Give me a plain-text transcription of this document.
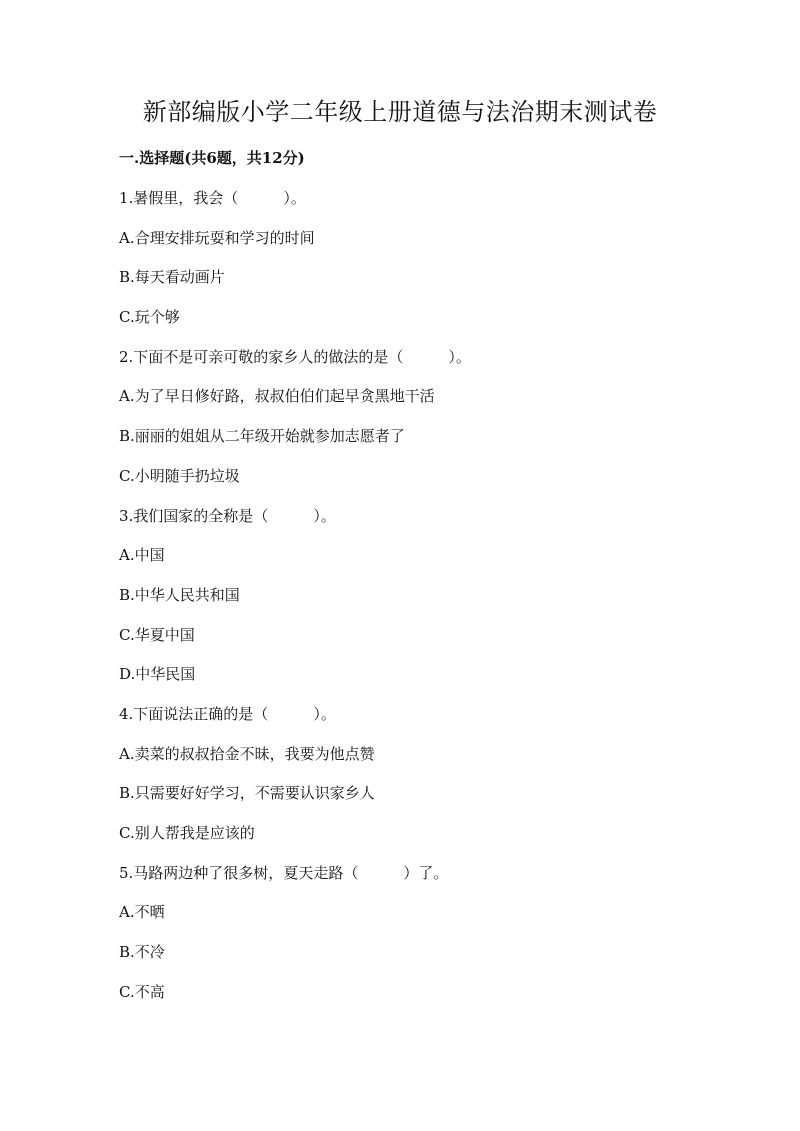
新部编版小学二年级上册道德与法治期末测试卷
一.选择题(共6题，共12分)
1.暑假里，我会（　　　）。
A.合理安排玩耍和学习的时间
B.每天看动画片
C.玩个够
2.下面不是可亲可敬的家乡人的做法的是（　　　）。
A.为了早日修好路，叔叔伯伯们起早贪黑地干活
B.丽丽的姐姐从二年级开始就参加志愿者了
C.小明随手扔垃圾
3.我们国家的全称是（　　　）。
A.中国
B.中华人民共和国
C.华夏中国
D.中华民国
4.下面说法正确的是（　　　）。
A.卖菜的叔叔拾金不昧，我要为他点赞
B.只需要好好学习，不需要认识家乡人
C.别人帮我是应该的
5.马路两边种了很多树，夏天走路（　　　）了。
A.不晒
B.不冷
C.不高
